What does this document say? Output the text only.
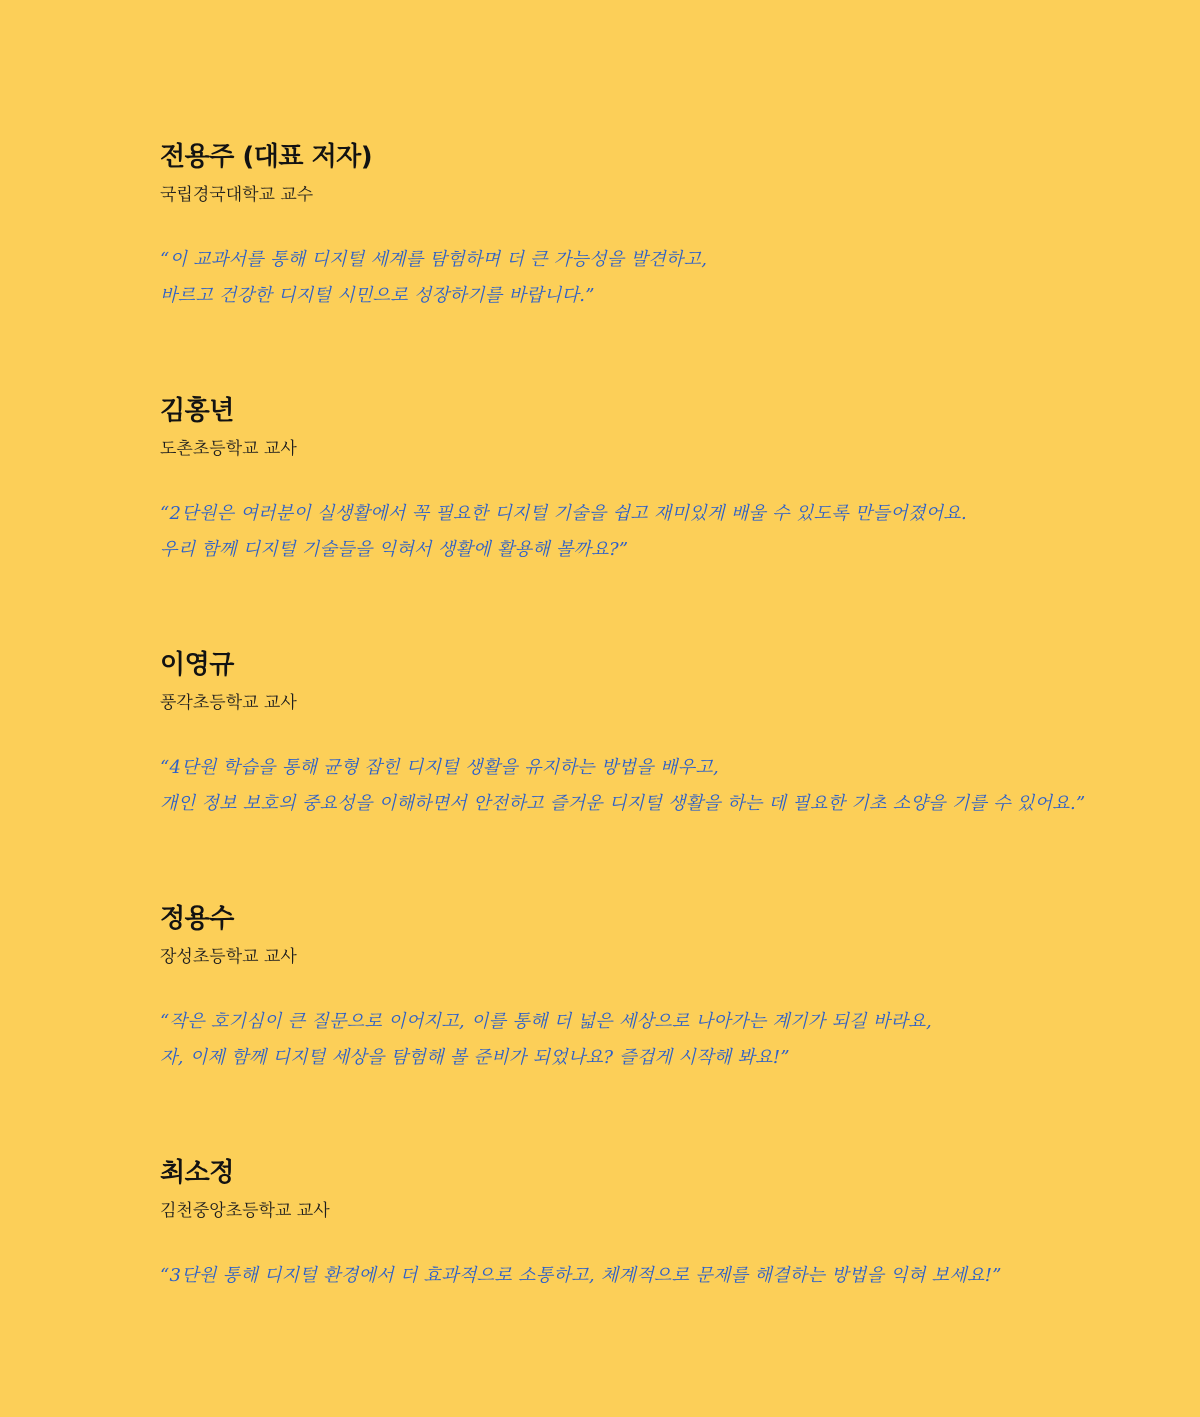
전용주 (대표 저자)

국립경국대학교 교수

“이 교과서를 통해 디지털 세계를 탐험하며 더 큰 가능성을 발견하고,
바르고 건강한 디지털 시민으로 성장하기를 바랍니다.”

김홍년

도촌초등학교 교사

“2단원은 여러분이 실생활에서 꼭 필요한 디지털 기술을 쉽고 재미있게 배울 수 있도록 만들어졌어요.
우리 함께 디지털 기술들을 익혀서 생활에 활용해 볼까요?”

이영규

풍각초등학교 교사

“4단원 학습을 통해 균형 잡힌 디지털 생활을 유지하는 방법을 배우고,
개인 정보 보호의 중요성을 이해하면서 안전하고 즐거운 디지털 생활을 하는 데 필요한 기초 소양을 기를 수 있어요.”

정용수

장성초등학교 교사

“작은 호기심이 큰 질문으로 이어지고, 이를 통해 더 넓은 세상으로 나아가는 계기가 되길 바라요,
자, 이제 함께 디지털 세상을 탐험해 볼 준비가 되었나요? 즐겁게 시작해 봐요!”

최소정

김천중앙초등학교 교사

“3단원 통해 디지털 환경에서 더 효과적으로 소통하고, 체계적으로 문제를 해결하는 방법을 익혀 보세요!”
